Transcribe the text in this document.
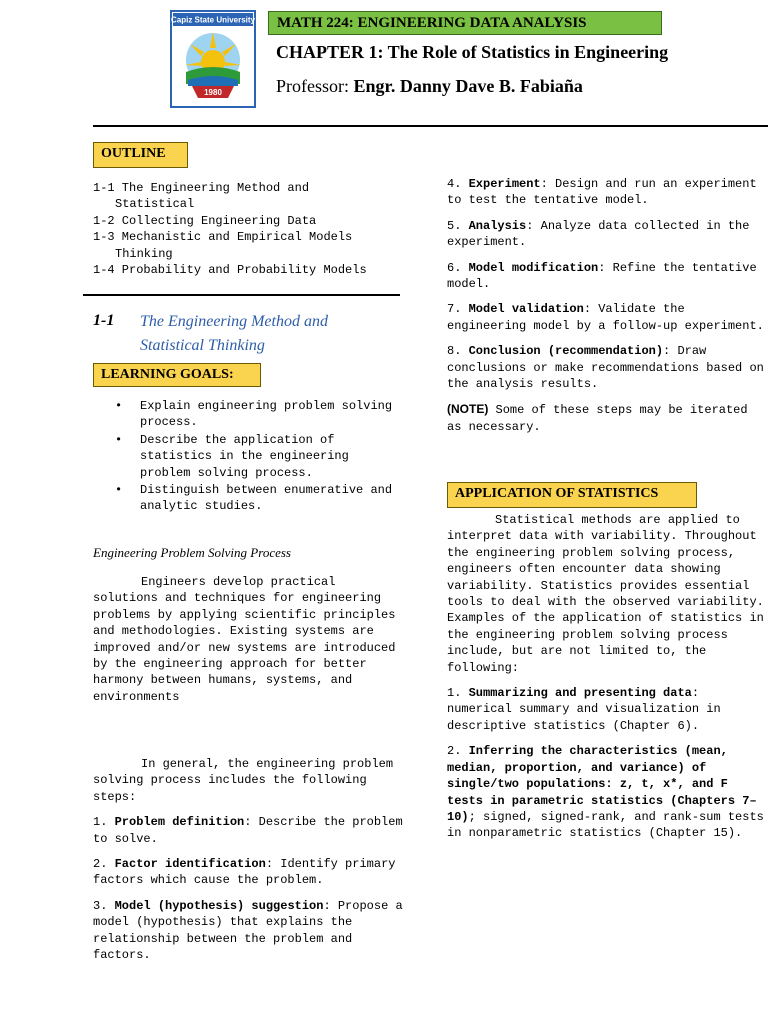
Capiz State University
1980
MATH 224: ENGINEERING DATA ANALYSIS
CHAPTER 1: The Role of Statistics in Engineering
Professor: Engr. Danny Dave B. Fabiaña
OUTLINE
1-1 The Engineering Method and Statistical
1-2 Collecting Engineering Data
1-3 Mechanistic and Empirical Models Thinking
1-4 Probability and Probability Models
1-1 The Engineering Method and Statistical Thinking
LEARNING GOALS:
• Explain engineering problem solving process.
• Describe the application of statistics in the engineering problem solving process.
• Distinguish between enumerative and analytic studies.
Engineering Problem Solving Process

Engineers develop practical solutions and techniques for engineering problems by applying scientific principles and methodologies. Existing systems are improved and/or new systems are introduced by the engineering approach for better harmony between humans, systems, and environments

In general, the engineering problem solving process includes the following steps:

1. Problem definition: Describe the problem to solve.

2. Factor identification: Identify primary factors which cause the problem.

3. Model (hypothesis) suggestion: Propose a model (hypothesis) that explains the relationship between the problem and factors.

4. Experiment: Design and run an experiment to test the tentative model.

5. Analysis: Analyze data collected in the experiment.

6. Model modification: Refine the tentative model.

7. Model validation: Validate the engineering model by a follow-up experiment.

8. Conclusion (recommendation): Draw conclusions or make recommendations based on the analysis results.

(NOTE) Some of these steps may be iterated as necessary.

APPLICATION OF STATISTICS

Statistical methods are applied to interpret data with variability. Throughout the engineering problem solving process, engineers often encounter data showing variability. Statistics provides essential tools to deal with the observed variability. Examples of the application of statistics in the engineering problem solving process include, but are not limited to, the following:

1. Summarizing and presenting data: numerical summary and visualization in descriptive statistics (Chapter 6).

2. Inferring the characteristics (mean, median, proportion, and variance) of single/two populations: z, t, x*, and F tests in parametric statistics (Chapters 7–10); signed, signed-rank, and rank-sum tests in nonparametric statistics (Chapter 15).
